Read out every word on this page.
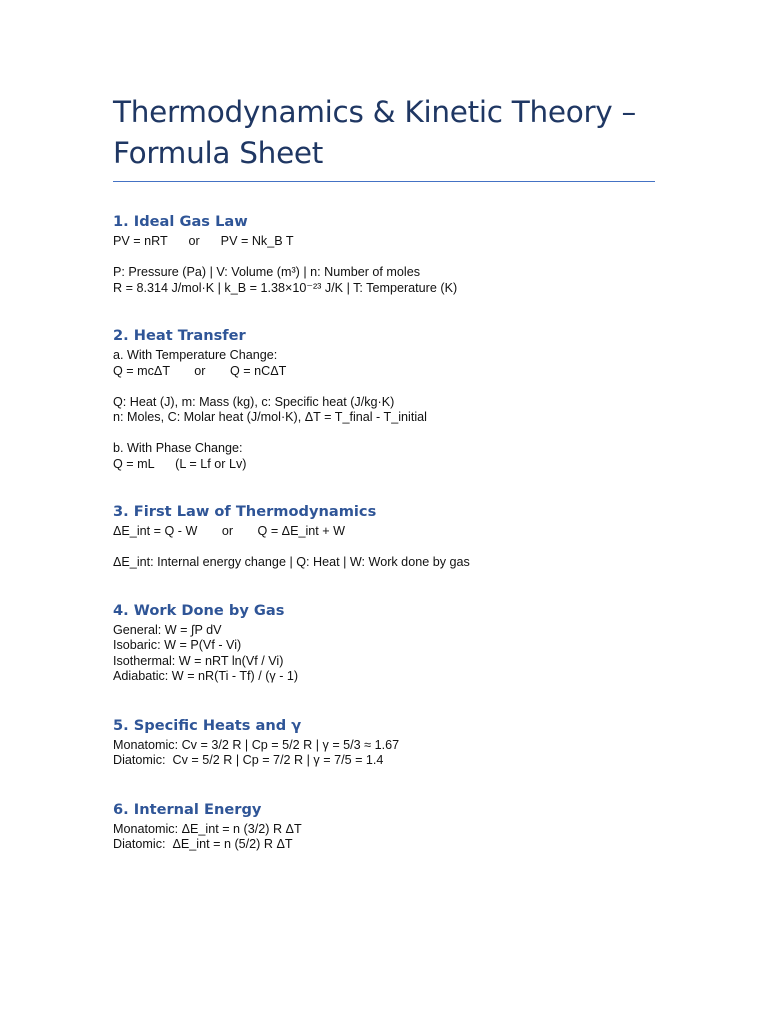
Thermodynamics & Kinetic Theory –
Formula Sheet
1. Ideal Gas Law
PV = nRT      or      PV = Nk_B T
P: Pressure (Pa) | V: Volume (m³) | n: Number of moles
R = 8.314 J/mol·K | k_B = 1.38×10⁻²³ J/K | T: Temperature (K)
2. Heat Transfer
a. With Temperature Change:
Q = mcΔT       or       Q = nCΔT
Q: Heat (J), m: Mass (kg), c: Specific heat (J/kg·K)
n: Moles, C: Molar heat (J/mol·K), ΔT = T_final - T_initial
b. With Phase Change:
Q = mL      (L = Lf or Lv)
3. First Law of Thermodynamics
ΔE_int = Q - W       or       Q = ΔE_int + W
ΔE_int: Internal energy change | Q: Heat | W: Work done by gas
4. Work Done by Gas
General: W = ∫P dV
Isobaric: W = P(Vf - Vi)
Isothermal: W = nRT ln(Vf / Vi)
Adiabatic: W = nR(Ti - Tf) / (γ - 1)
5. Specific Heats and γ
Monatomic: Cv = 3/2 R | Cp = 5/2 R | γ = 5/3 ≈ 1.67
Diatomic:  Cv = 5/2 R | Cp = 7/2 R | γ = 7/5 = 1.4
6. Internal Energy
Monatomic: ΔE_int = n (3/2) R ΔT
Diatomic:  ΔE_int = n (5/2) R ΔT
